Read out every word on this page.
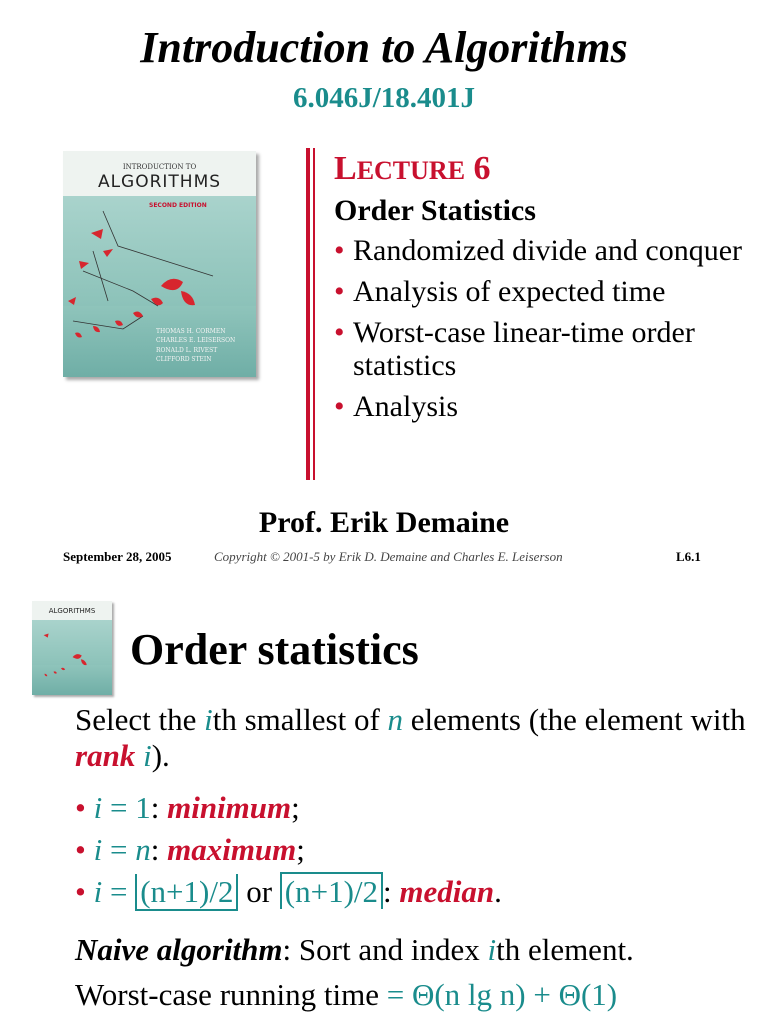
Introduction to Algorithms
6.046J/18.401J
INTRODUCTION TO
ALGORITHMS
SECOND EDITION
THOMAS H. CORMEN
CHARLES E. LEISERSON
RONALD L. RIVEST
CLIFFORD STEIN
LECTURE 6
Order Statistics
• Randomized divide and conquer
• Analysis of expected time
• Worst-case linear-time order statistics
• Analysis
Prof. Erik Demaine
September 28, 2005	Copyright © 2001-5 by Erik D. Demaine and Charles E. Leiserson	L6.1
ALGORITHMS
Order statistics
Select the ith smallest of n elements (the element with rank i).
• i = 1: minimum;
• i = n: maximum;
• i = (n+1)/2 or (n+1)/2 : median.
Naive algorithm: Sort and index ith element.
Worst-case running time = Θ(n lg n) + Θ(1)
